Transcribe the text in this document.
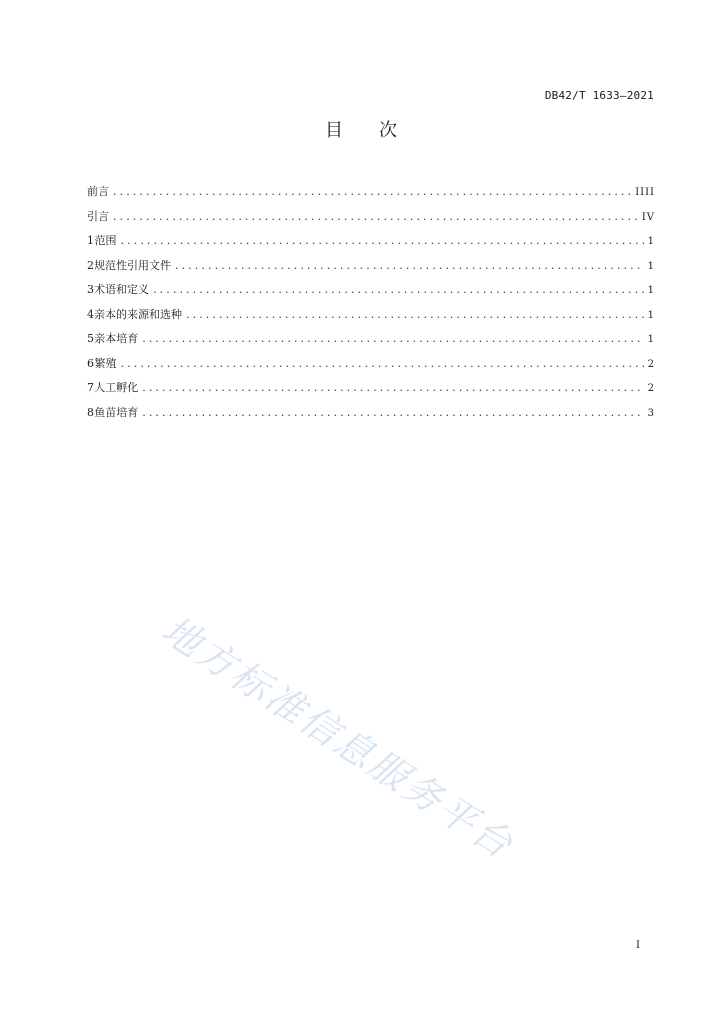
DB42/T 1633—2021
目 次
前言 .....	IIII
引言 .....	IV
1 范围 .....	1
2 规范性引用文件 .....	1
3 术语和定义 .....	1
4 亲本的来源和选种 .....	1
5 亲本培育 .....	1
6 繁殖 .....	2
7 人工孵化 .....	2
8 鱼苗培育 .....	3
地方标准信息服务平台
I
